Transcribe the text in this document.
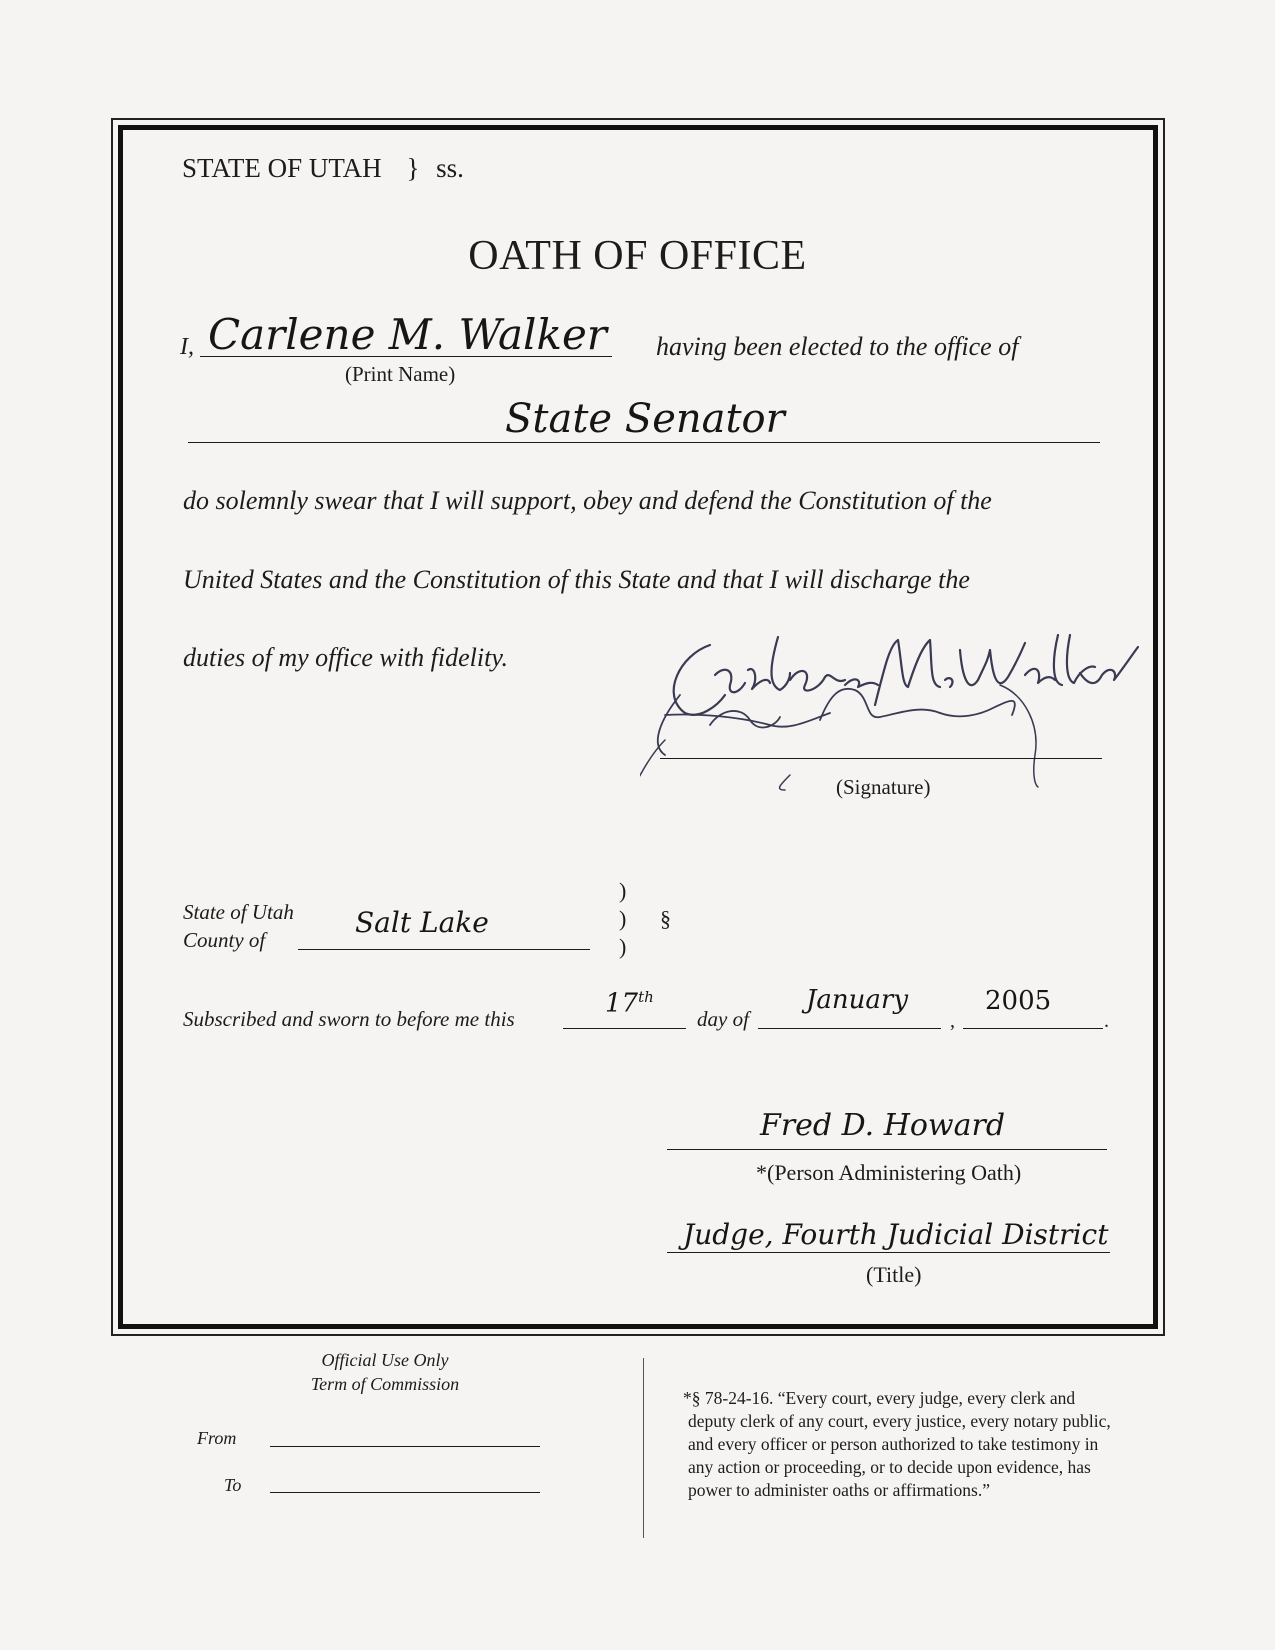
STATE OF UTAH } ss.
OATH OF OFFICE
I, Carlene M. Walker
(Print Name)
having been elected to the office of
State Senator
do solemnly swear that I will support, obey and defend the Constitution of the
United States and the Constitution of this State and that I will discharge the
duties of my office with fidelity.
(Signature)
State of Utah
County of
Salt Lake
)
)
)
§
Subscribed and sworn to before me this
17th
day of
January
,
2005
.
Fred D. Howard
*(Person Administering Oath)
Judge, Fourth Judicial District
(Title)
Official Use Only
Term of Commission
From
To
*§ 78-24-16. “Every court, every judge, every clerk and
deputy clerk of any court, every justice, every notary public,
and every officer or person authorized to take testimony in
any action or proceeding, or to decide upon evidence, has
power to administer oaths or affirmations.”
